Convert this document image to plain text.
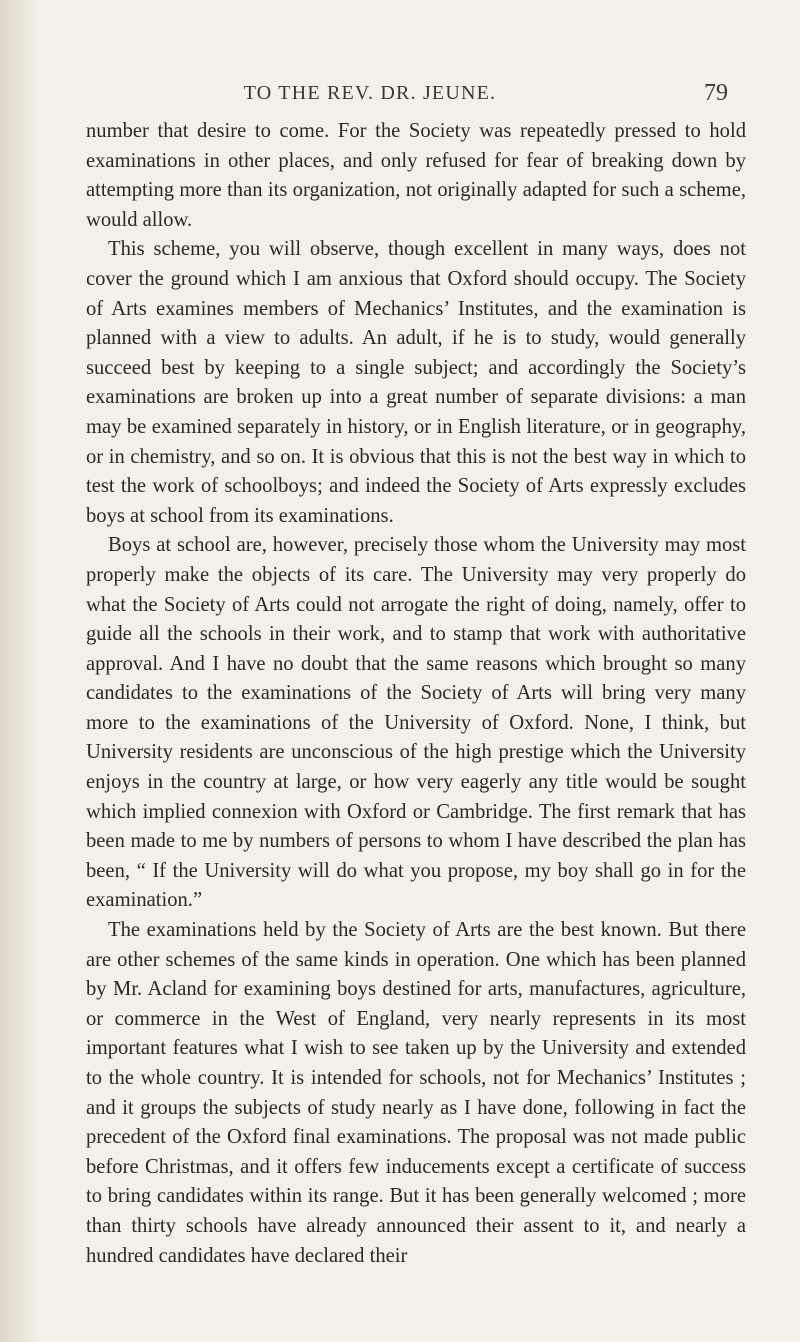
TO THE REV. DR. JEUNE.	79

number that desire to come. For the Society was repeatedly pressed to hold examinations in other places, and only refused for fear of breaking down by attempting more than its organization, not originally adapted for such a scheme, would allow.

This scheme, you will observe, though excellent in many ways, does not cover the ground which I am anxious that Oxford should occupy. The Society of Arts examines members of Mechanics’ Institutes, and the examination is planned with a view to adults. An adult, if he is to study, would generally succeed best by keeping to a single subject; and accordingly the Society’s examinations are broken up into a great number of separate divisions: a man may be examined separately in history, or in English literature, or in geography, or in chemistry, and so on. It is obvious that this is not the best way in which to test the work of schoolboys; and indeed the Society of Arts expressly excludes boys at school from its examinations.

Boys at school are, however, precisely those whom the University may most properly make the objects of its care. The University may very properly do what the Society of Arts could not arrogate the right of doing, namely, offer to guide all the schools in their work, and to stamp that work with authoritative approval. And I have no doubt that the same reasons which brought so many candidates to the examinations of the Society of Arts will bring very many more to the examinations of the University of Oxford. None, I think, but University residents are unconscious of the high prestige which the University enjoys in the country at large, or how very eagerly any title would be sought which implied connexion with Oxford or Cambridge. The first remark that has been made to me by numbers of persons to whom I have described the plan has been, “ If the University will do what you propose, my boy shall go in for the examination.”

The examinations held by the Society of Arts are the best known. But there are other schemes of the same kinds in operation. One which has been planned by Mr. Acland for examining boys destined for arts, manufactures, agriculture, or commerce in the West of England, very nearly represents in its most important features what I wish to see taken up by the University and extended to the whole country. It is intended for schools, not for Mechanics’ Institutes ; and it groups the subjects of study nearly as I have done, following in fact the precedent of the Oxford final examinations. The proposal was not made public before Christmas, and it offers few inducements except a certificate of success to bring candidates within its range. But it has been generally welcomed ; more than thirty schools have already announced their assent to it, and nearly a hundred candidates have declared their
